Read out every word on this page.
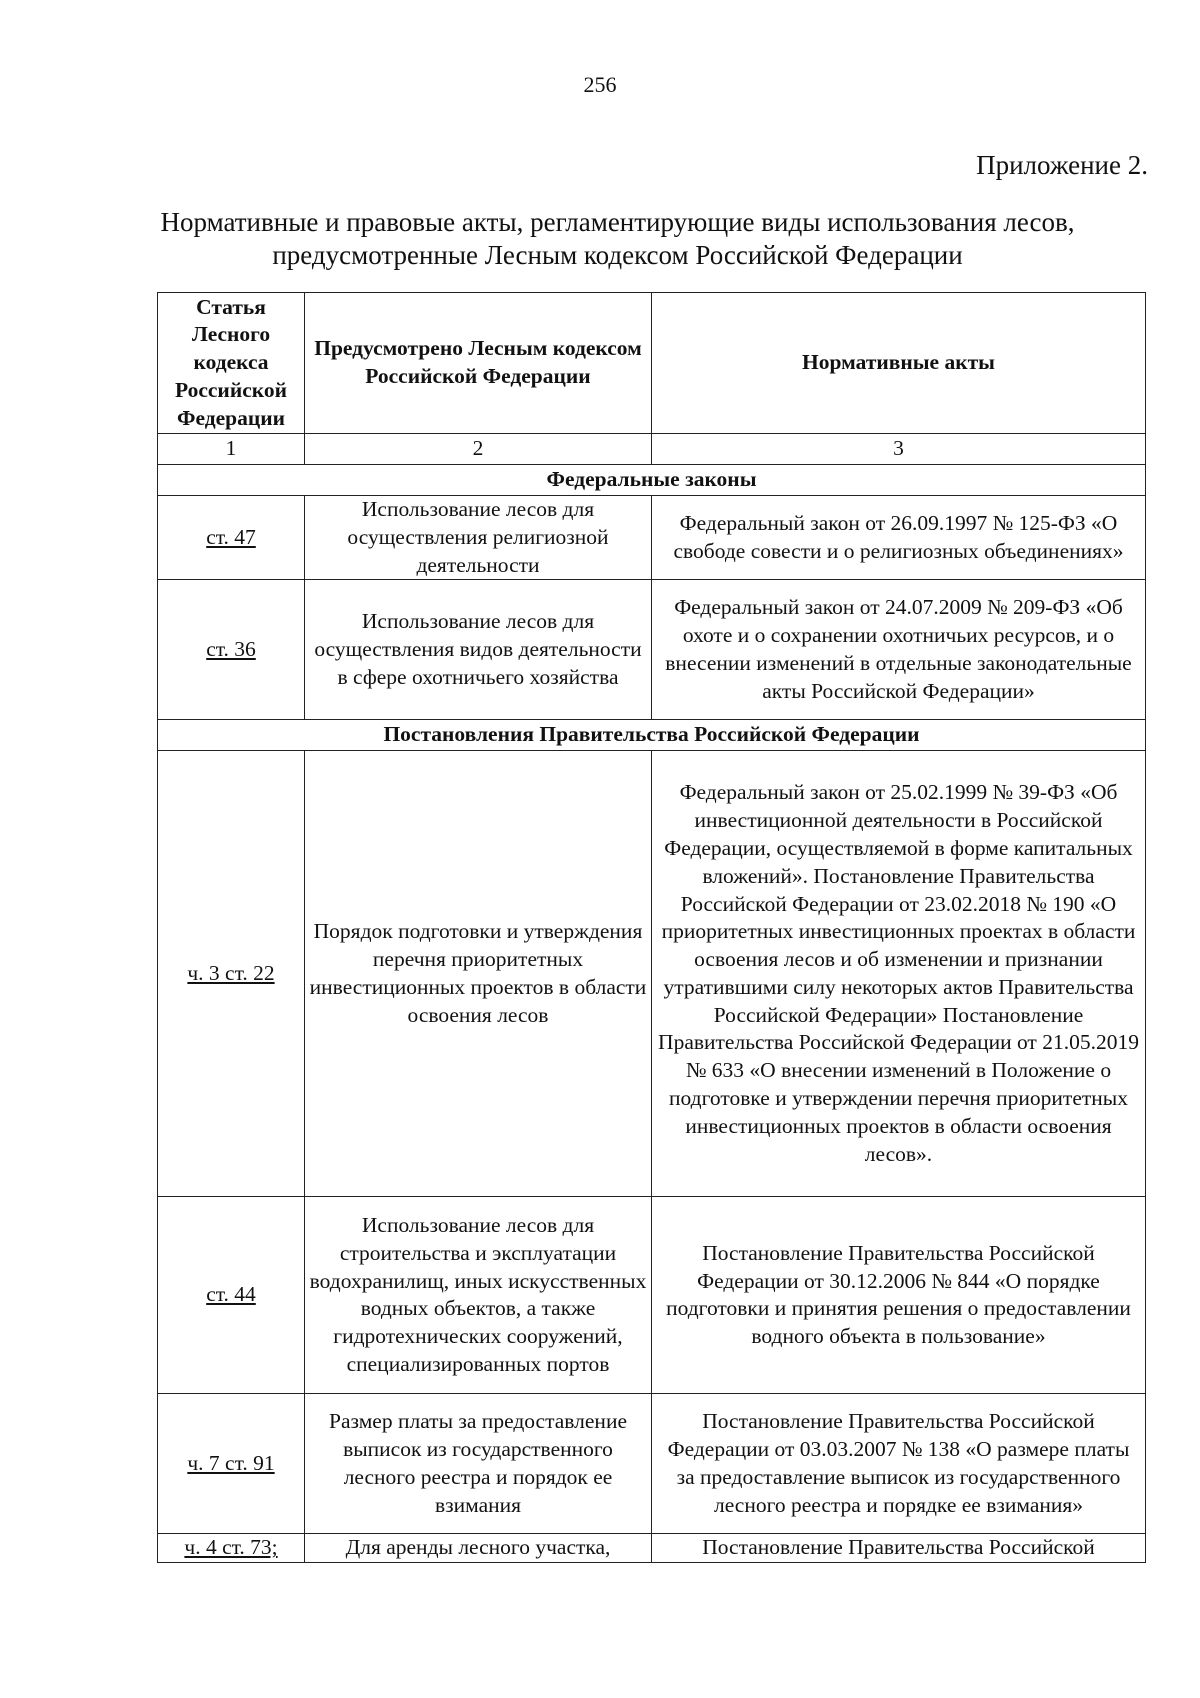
256
Приложение 2.
Нормативные и правовые акты, регламентирующие виды использования лесов,
предусмотренные Лесным кодексом Российской Федерации
Статья Лесного кодекса Российской Федерации	Предусмотрено Лесным кодексом Российской Федерации	Нормативные акты
1	2	3
Федеральные законы		
ст. 47	Использование лесов для осуществления религиозной деятельности	Федеральный закон от 26.09.1997 № 125-ФЗ «О свободе совести и о религиозных объединениях»
ст. 36	Использование лесов для осуществления видов деятельности в сфере охотничьего хозяйства	Федеральный закон от 24.07.2009 № 209-ФЗ «Об охоте и о сохранении охотничьих ресурсов, и о внесении изменений в отдельные законодательные акты Российской Федерации»
Постановления Правительства Российской Федерации		
ч. 3 ст. 22	Порядок подготовки и утверждения перечня приоритетных инвестиционных проектов в области освоения лесов	Федеральный закон от 25.02.1999 № 39-ФЗ «Об инвестиционной деятельности в Российской Федерации, осуществляемой в форме капитальных вложений». Постановление Правительства Российской Федерации от 23.02.2018 № 190 «О приоритетных инвестиционных проектах в области освоения лесов и об изменении и признании утратившими силу некоторых актов Правительства Российской Федерации» Постановление Правительства Российской Федерации от 21.05.2019 № 633 «О внесении изменений в Положение о подготовке и утверждении перечня приоритетных инвестиционных проектов в области освоения лесов».
ст. 44	Использование лесов для строительства и эксплуатации водохранилищ, иных искусственных водных объектов, а также гидротехнических сооружений, специализированных портов	Постановление Правительства Российской Федерации от 30.12.2006 № 844 «О порядке подготовки и принятия решения о предоставлении водного объекта в пользование»
ч. 7 ст. 91	Размер платы за предоставление выписок из государственного лесного реестра и порядок ее взимания	Постановление Правительства Российской Федерации от 03.03.2007 № 138 «О размере платы за предоставление выписок из государственного лесного реестра и порядке ее взимания»
ч. 4 ст. 73;	Для аренды лесного участка,	Постановление Правительства Российской
